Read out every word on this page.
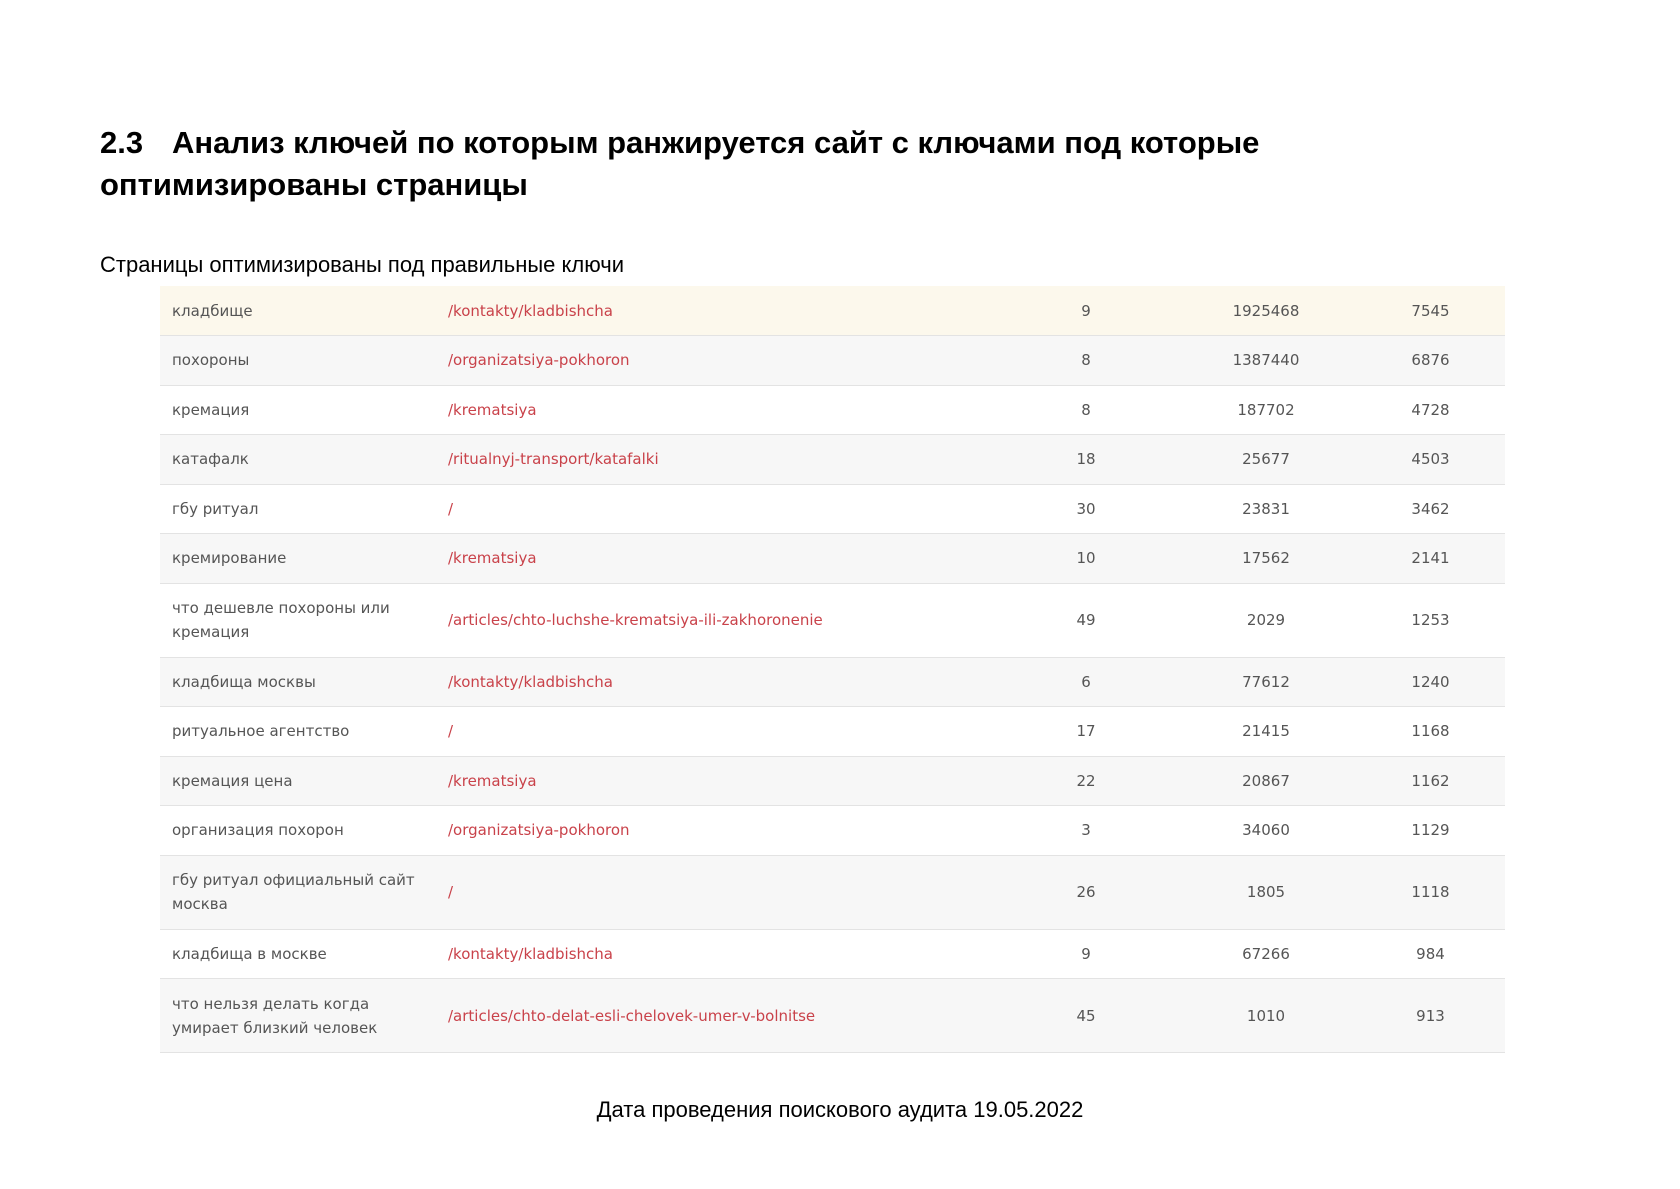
2.3 Анализ ключей по которым ранжируется сайт с ключами под которые оптимизированы страницы

Страницы оптимизированы под правильные ключи

кладбище	/kontakty/kladbishcha	9	1925468	7545
похороны	/organizatsiya-pokhoron	8	1387440	6876
кремация	/krematsiya	8	187702	4728
катафалк	/ritualnyj-transport/katafalki	18	25677	4503
гбу ритуал	/	30	23831	3462
кремирование	/krematsiya	10	17562	2141
что дешевле похороны или кремация	/articles/chto-luchshe-krematsiya-ili-zakhoronenie	49	2029	1253
кладбища москвы	/kontakty/kladbishcha	6	77612	1240
ритуальное агентство	/	17	21415	1168
кремация цена	/krematsiya	22	20867	1162
организация похорон	/organizatsiya-pokhoron	3	34060	1129
гбу ритуал официальный сайт москва	/	26	1805	1118
кладбища в москве	/kontakty/kladbishcha	9	67266	984
что нельзя делать когда умирает близкий человек	/articles/chto-delat-esli-chelovek-umer-v-bolnitse	45	1010	913

Дата проведения поискового аудита 19.05.2022
